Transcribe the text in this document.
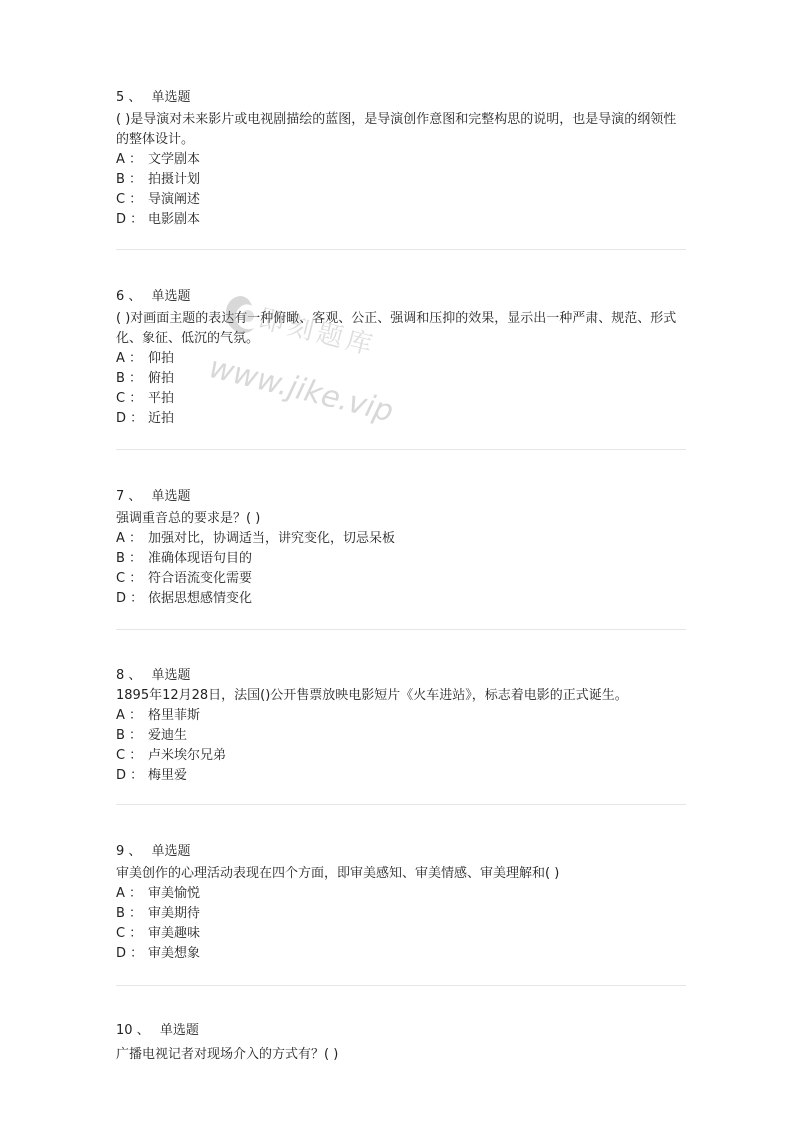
5 、 单选题
( )是导演对未来影片或电视剧描绘的蓝图，是导演创作意图和完整构思的说明，也是导演的纲领性的整体设计。
A ： 文学剧本
B ： 拍摄计划
C ： 导演阐述
D ： 电影剧本
6 、 单选题
( )对画面主题的表达有一种俯瞰、客观、公正、强调和压抑的效果，显示出一种严肃、规范、形式化、象征、低沉的气氛。
A ： 仰拍
B ： 俯拍
C ： 平拍
D ： 近拍
7 、 单选题
强调重音总的要求是？( )
A ： 加强对比，协调适当，讲究变化，切忌呆板
B ： 准确体现语句目的
C ： 符合语流变化需要
D ： 依据思想感情变化
8 、 单选题
1895年12月28日，法国()公开售票放映电影短片《火车进站》，标志着电影的正式诞生。
A ： 格里菲斯
B ： 爱迪生
C ： 卢米埃尔兄弟
D ： 梅里爱
9 、 单选题
审美创作的心理活动表现在四个方面，即审美感知、审美情感、审美理解和( )
A ： 审美愉悦
B ： 审美期待
C ： 审美趣味
D ： 审美想象
10 、 单选题
广播电视记者对现场介入的方式有？( )
即刻题库
www.jike.vip
